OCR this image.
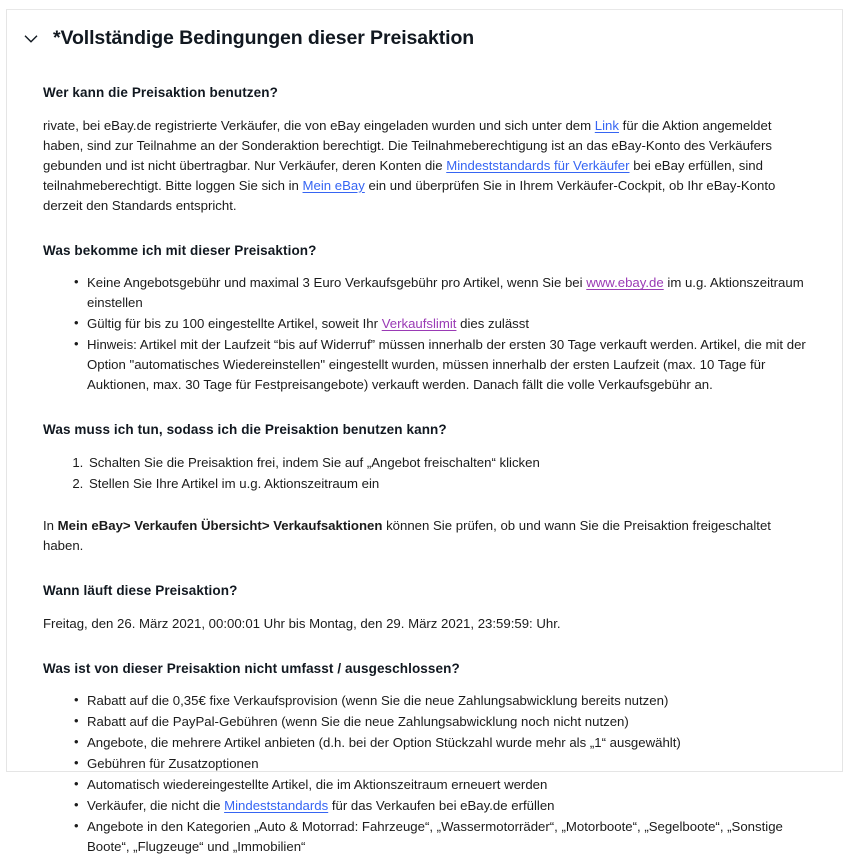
*Vollständige Bedingungen dieser Preisaktion
Wer kann die Preisaktion benutzen?

rivate, bei eBay.de registrierte Verkäufer, die von eBay eingeladen wurden und sich unter dem Link für die Aktion angemeldet haben, sind zur Teilnahme an der Sonderaktion berechtigt. Die Teilnahmeberechtigung ist an das eBay-Konto des Verkäufers gebunden und ist nicht übertragbar. Nur Verkäufer, deren Konten die Mindeststandards für Verkäufer bei eBay erfüllen, sind teilnahmeberechtigt. Bitte loggen Sie sich in Mein eBay ein und überprüfen Sie in Ihrem Verkäufer-Cockpit, ob Ihr eBay-Konto derzeit den Standards entspricht.

Was bekomme ich mit dieser Preisaktion?
• Keine Angebotsgebühr und maximal 3 Euro Verkaufsgebühr pro Artikel, wenn Sie bei www.ebay.de im u.g. Aktionszeitraum einstellen
• Gültig für bis zu 100 eingestellte Artikel, soweit Ihr Verkaufslimit dies zulässt
• Hinweis: Artikel mit der Laufzeit “bis auf Widerruf” müssen innerhalb der ersten 30 Tage verkauft werden. Artikel, die mit der Option "automatisches Wiedereinstellen" eingestellt wurden, müssen innerhalb der ersten Laufzeit (max. 10 Tage für Auktionen, max. 30 Tage für Festpreisangebote) verkauft werden. Danach fällt die volle Verkaufsgebühr an.
Was muss ich tun, sodass ich die Preisaktion benutzen kann?
1. Schalten Sie die Preisaktion frei, indem Sie auf „Angebot freischalten“ klicken
2. Stellen Sie Ihre Artikel im u.g. Aktionszeitraum ein

In Mein eBay> Verkaufen Übersicht> Verkaufsaktionen können Sie prüfen, ob und wann Sie die Preisaktion freigeschaltet haben.

Wann läuft diese Preisaktion?

Freitag, den 26. März 2021, 00:00:01 Uhr bis Montag, den 29. März 2021, 23:59:59: Uhr.

Was ist von dieser Preisaktion nicht umfasst / ausgeschlossen?
• Rabatt auf die 0,35€ fixe Verkaufsprovision (wenn Sie die neue Zahlungsabwicklung bereits nutzen)
• Rabatt auf die PayPal-Gebühren (wenn Sie die neue Zahlungsabwicklung noch nicht nutzen)
• Angebote, die mehrere Artikel anbieten (d.h. bei der Option Stückzahl wurde mehr als „1“ ausgewählt)
• Gebühren für Zusatzoptionen
• Automatisch wiedereingestellte Artikel, die im Aktionszeitraum erneuert werden
• Verkäufer, die nicht die Mindeststandards für das Verkaufen bei eBay.de erfüllen
• Angebote in den Kategorien „Auto & Motorrad: Fahrzeuge“, „Wassermotorräder“, „Motorboote“, „Segelboote“, „Sonstige Boote“, „Flugzeuge“ und „Immobilien“
